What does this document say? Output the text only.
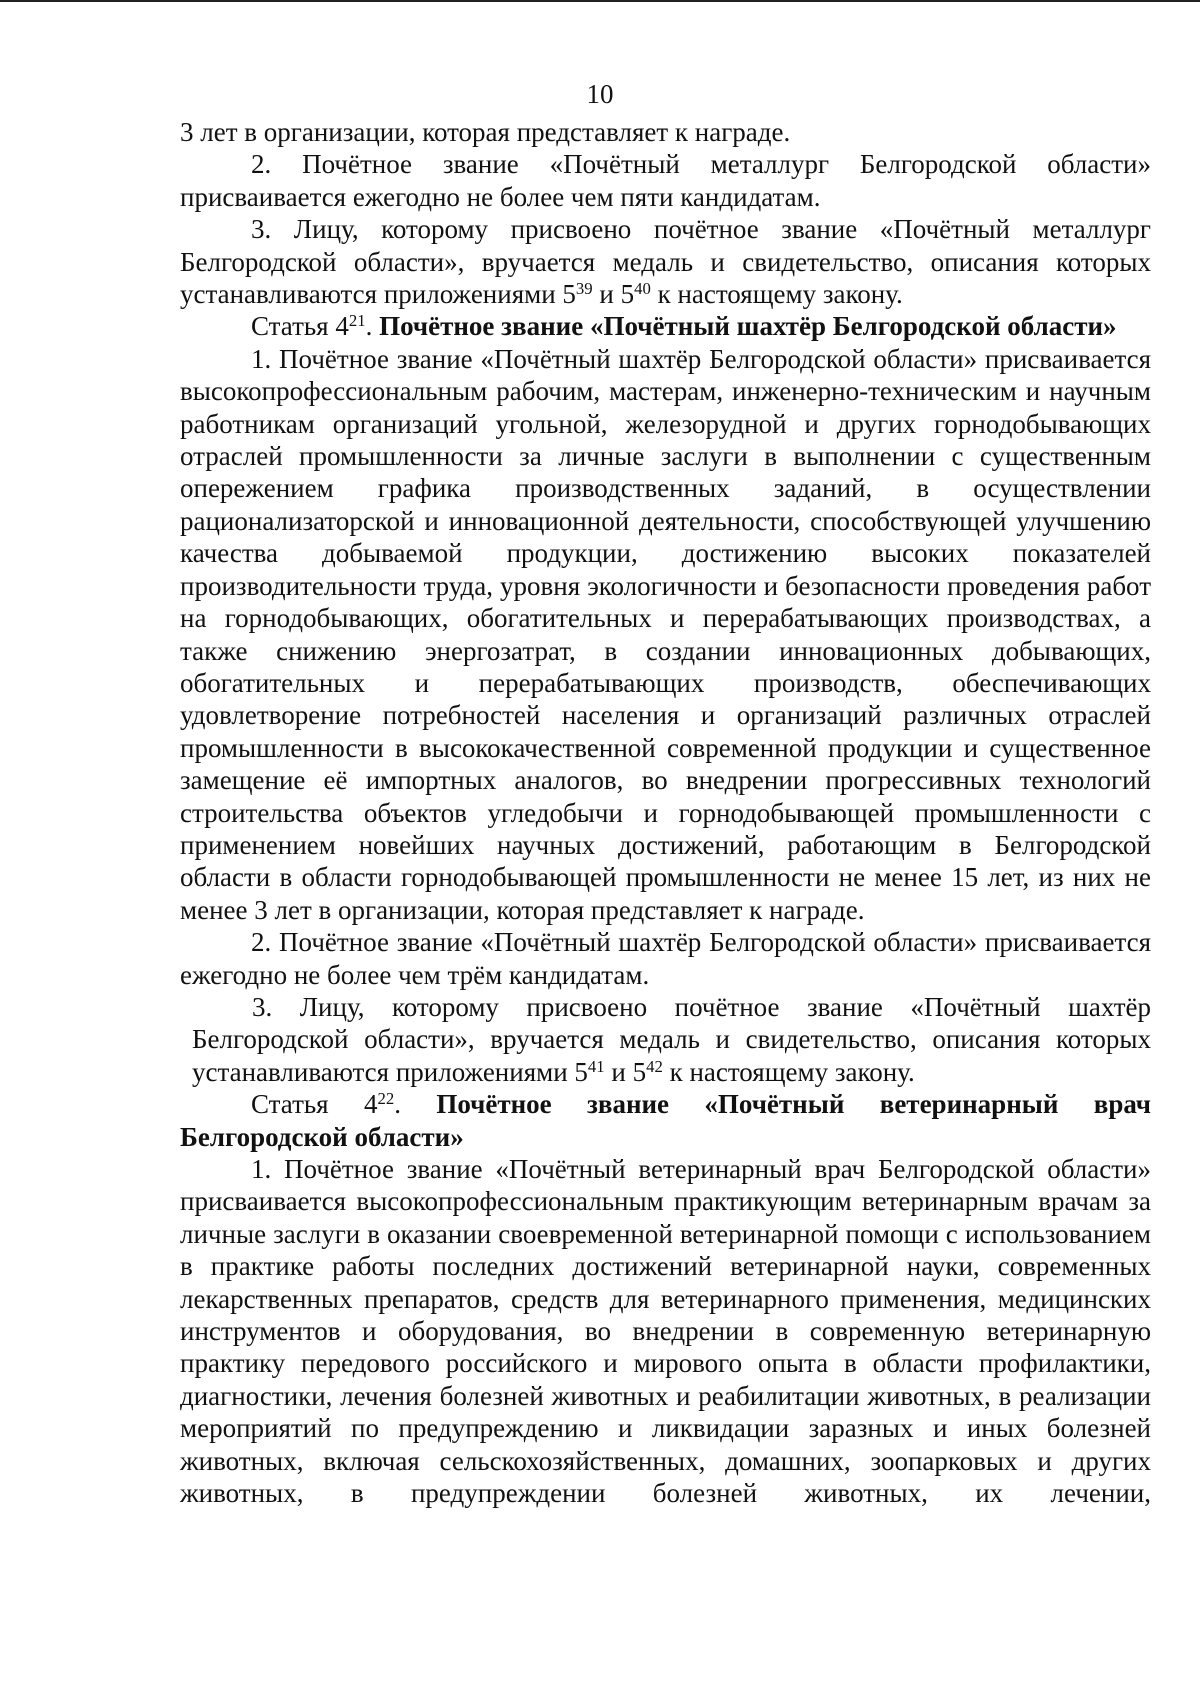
10

3 лет в организации, которая представляет к награде.

2. Почётное звание «Почётный металлург Белгородской области» присваивается ежегодно не более чем пяти кандидатам.

3. Лицу, которому присвоено почётное звание «Почётный металлург Белгородской области», вручается медаль и свидетельство, описания которых устанавливаются приложениями $5^{39}$ и $5^{40}$ к настоящему закону.

Статья $4^{21}$. Почётное звание «Почётный шахтёр Белгородской области»

1. Почётное звание «Почётный шахтёр Белгородской области» присваивается высокопрофессиональным рабочим, мастерам, инженерно-техническим и научным работникам организаций угольной, железорудной и других горнодобывающих отраслей промышленности за личные заслуги в выполнении с существенным опережением графика производственных заданий, в осуществлении рационализаторской и инновационной деятельности, способствующей улучшению качества добываемой продукции, достижению высоких показателей производительности труда, уровня экологичности и безопасности проведения работ на горнодобывающих, обогатительных и перерабатывающих производствах, а также снижению энергозатрат, в создании инновационных добывающих, обогатительных и перерабатывающих производств, обеспечивающих удовлетворение потребностей населения и организаций различных отраслей промышленности в высококачественной современной продукции и существенное замещение её импортных аналогов, во внедрении прогрессивных технологий строительства объектов угледобычи и горнодобывающей промышленности с применением новейших научных достижений, работающим в Белгородской области в области горнодобывающей промышленности не менее 15 лет, из них не менее 3 лет в организации, которая представляет к награде.

2. Почётное звание «Почётный шахтёр Белгородской области» присваивается ежегодно не более чем трём кандидатам.

3. Лицу, которому присвоено почётное звание «Почётный шахтёр Белгородской области», вручается медаль и свидетельство, описания которых устанавливаются приложениями $5^{41}$ и $5^{42}$ к настоящему закону.

Статья $4^{22}$. Почётное звание «Почётный ветеринарный врач Белгородской области»

1. Почётное звание «Почётный ветеринарный врач Белгородской области» присваивается высокопрофессиональным практикующим ветеринарным врачам за личные заслуги в оказании своевременной ветеринарной помощи с использованием в практике работы последних достижений ветеринарной науки, современных лекарственных препаратов, средств для ветеринарного применения, медицинских инструментов и оборудования, во внедрении в современную ветеринарную практику передового российского и мирового опыта в области профилактики, диагностики, лечения болезней животных и реабилитации животных, в реализации мероприятий по предупреждению и ликвидации заразных и иных болезней животных, включая сельскохозяйственных, домашних, зоопарковых и других животных, в предупреждении болезней животных, их лечении,
